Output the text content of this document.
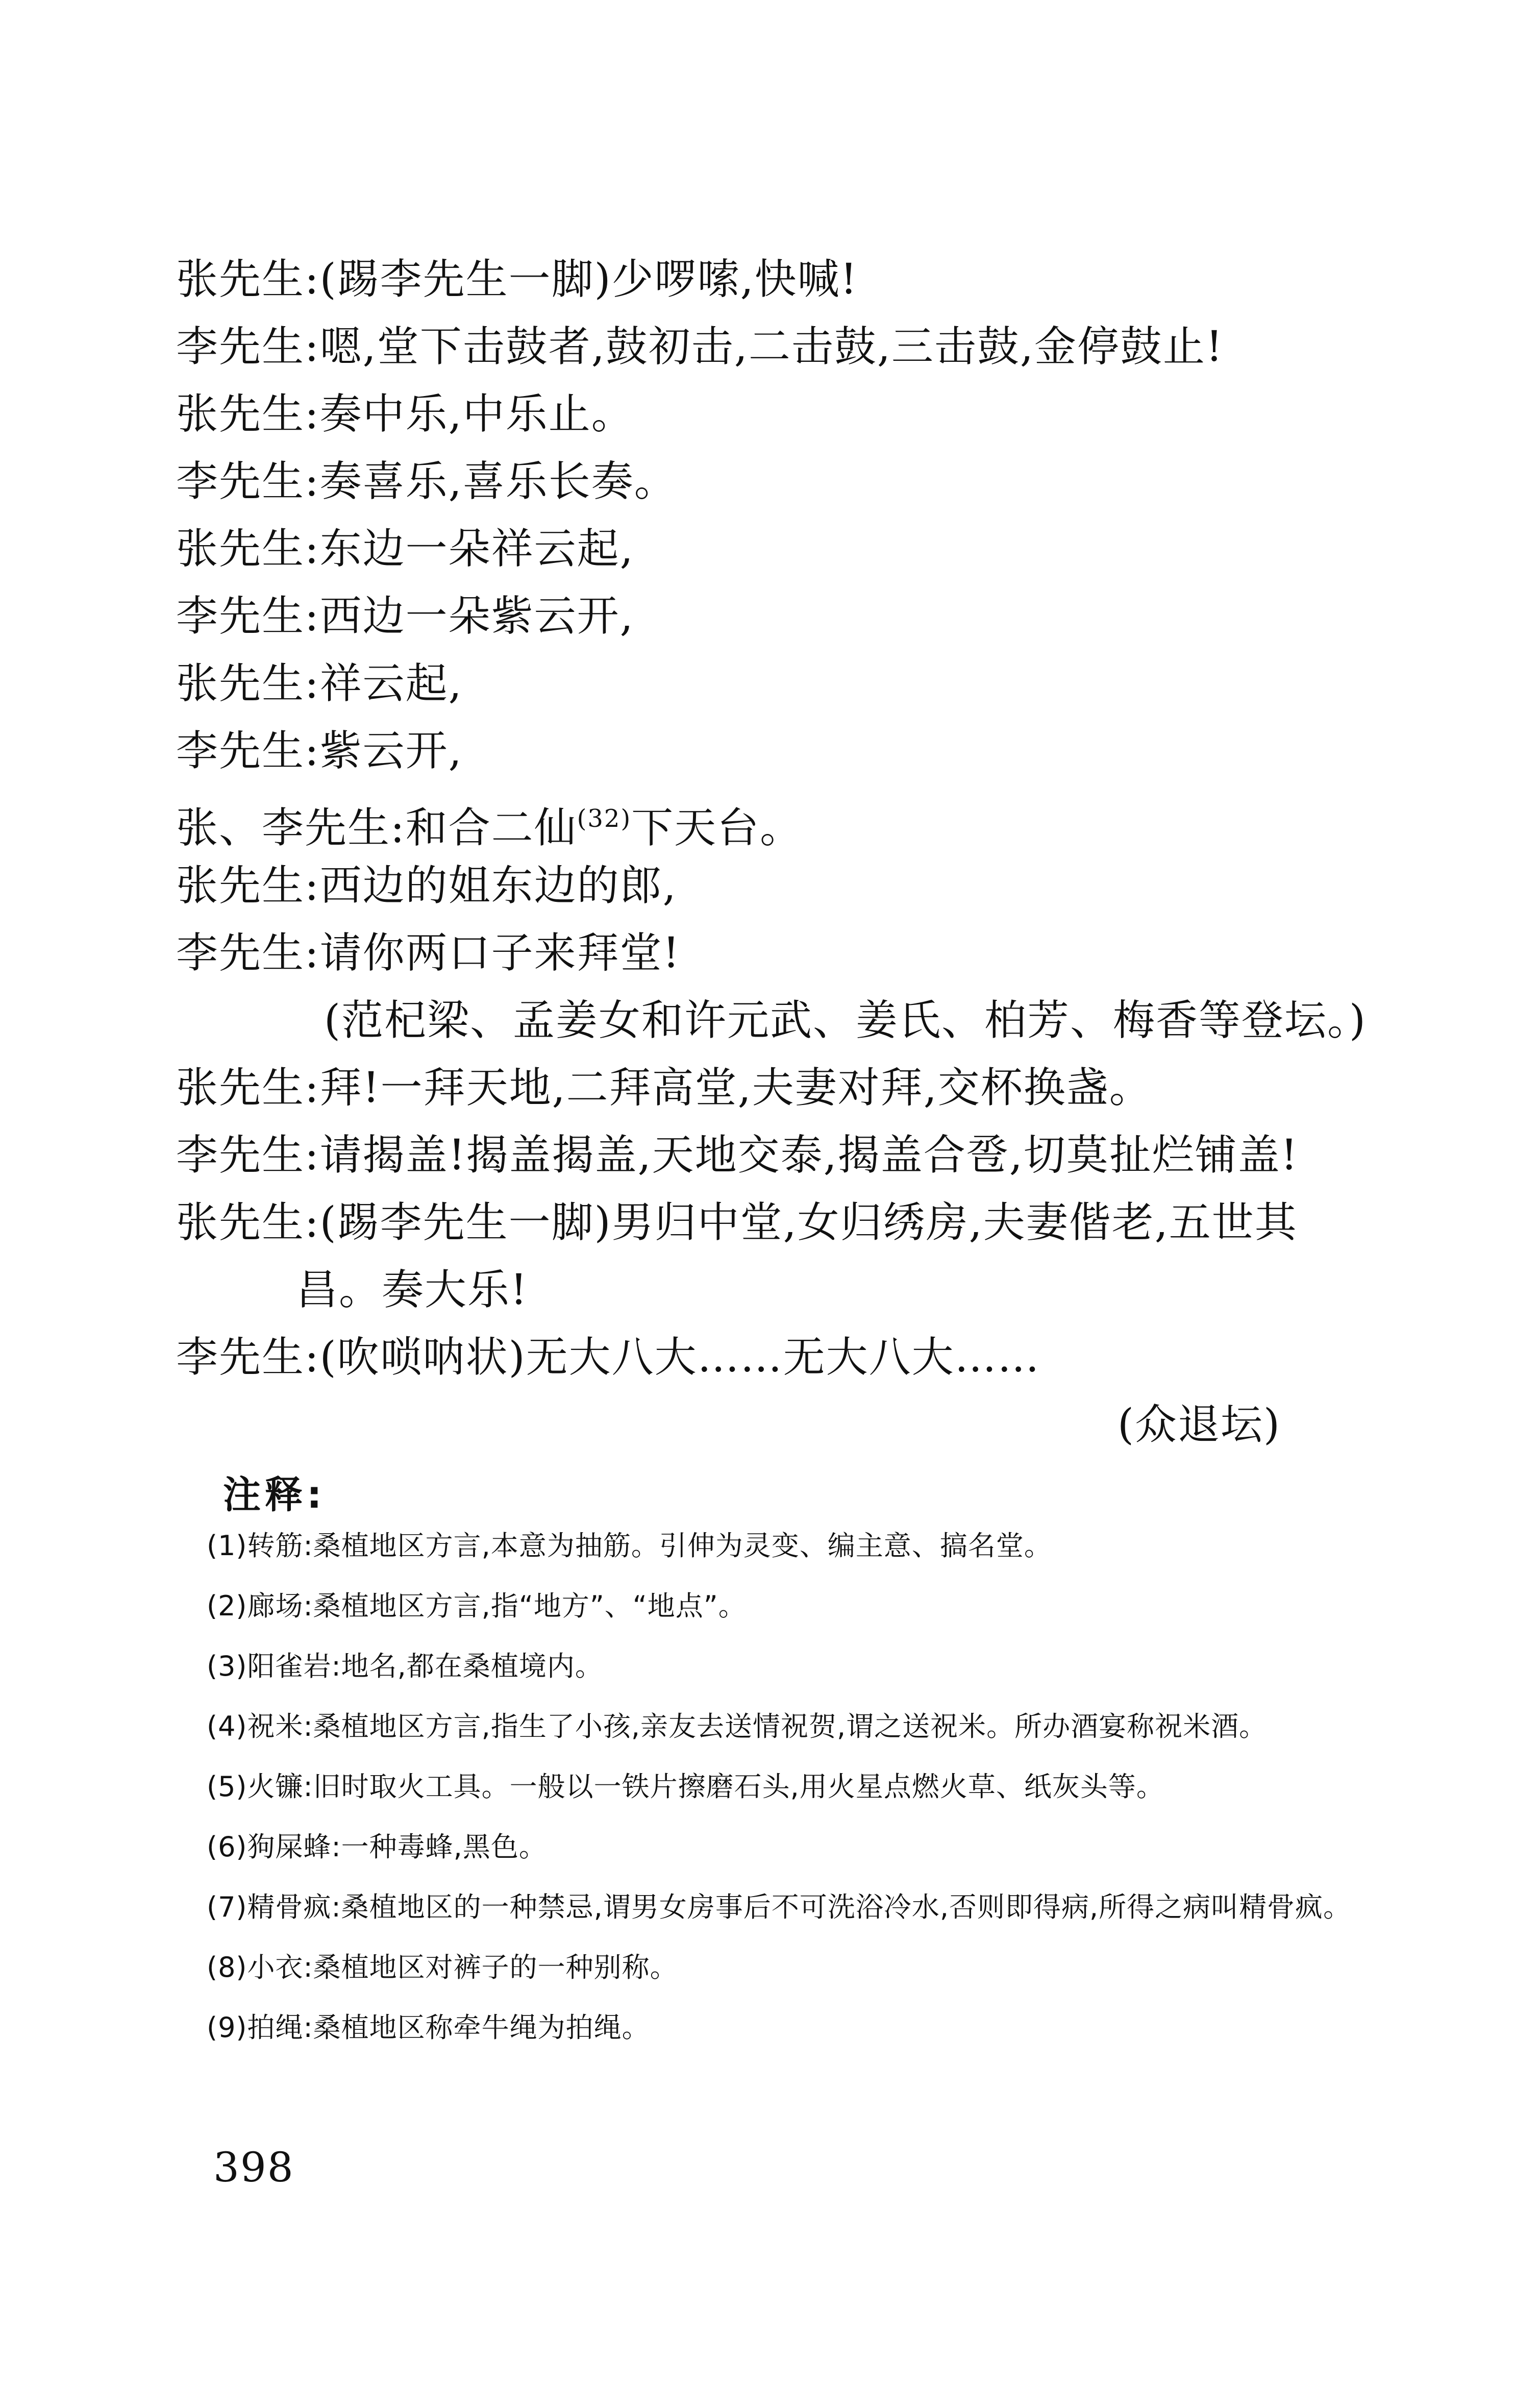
张先生:(踢李先生一脚)少啰嗦,快喊!
李先生:嗯,堂下击鼓者,鼓初击,二击鼓,三击鼓,金停鼓止!
张先生:奏中乐,中乐止。
李先生:奏喜乐,喜乐长奏。
张先生:东边一朵祥云起,
李先生:西边一朵紫云开,
张先生:祥云起,
李先生:紫云开,
张、李先生:和合二仙$^{(32)}$下天台。
张先生:西边的姐东边的郎,
李先生:请你两口子来拜堂!
(范杞梁、孟姜女和许元武、姜氏、柏芳、梅香等登坛。)
张先生:拜!一拜天地,二拜高堂,夫妻对拜,交杯换盏。
李先生:请揭盖!揭盖揭盖,天地交泰,揭盖合卺,切莫扯烂铺盖!
张先生:(踢李先生一脚)男归中堂,女归绣房,夫妻偕老,五世其
昌。奏大乐!
李先生:(吹唢呐状)无大八大……无大八大……
(众退坛)
注释:
(1)转筋:桑植地区方言,本意为抽筋。引伸为灵变、编主意、搞名堂。
(2)廊场:桑植地区方言,指“地方”、“地点”。
(3)阳雀岩:地名,都在桑植境内。
(4)祝米:桑植地区方言,指生了小孩,亲友去送情祝贺,谓之送祝米。所办酒宴称祝米酒。
(5)火镰:旧时取火工具。一般以一铁片擦磨石头,用火星点燃火草、纸灰头等。
(6)狗屎蜂:一种毒蜂,黑色。
(7)精骨疯:桑植地区的一种禁忌,谓男女房事后不可洗浴冷水,否则即得病,所得之病叫精骨疯。
(8)小衣:桑植地区对裤子的一种别称。
(9)拍绳:桑植地区称牵牛绳为拍绳。
398
